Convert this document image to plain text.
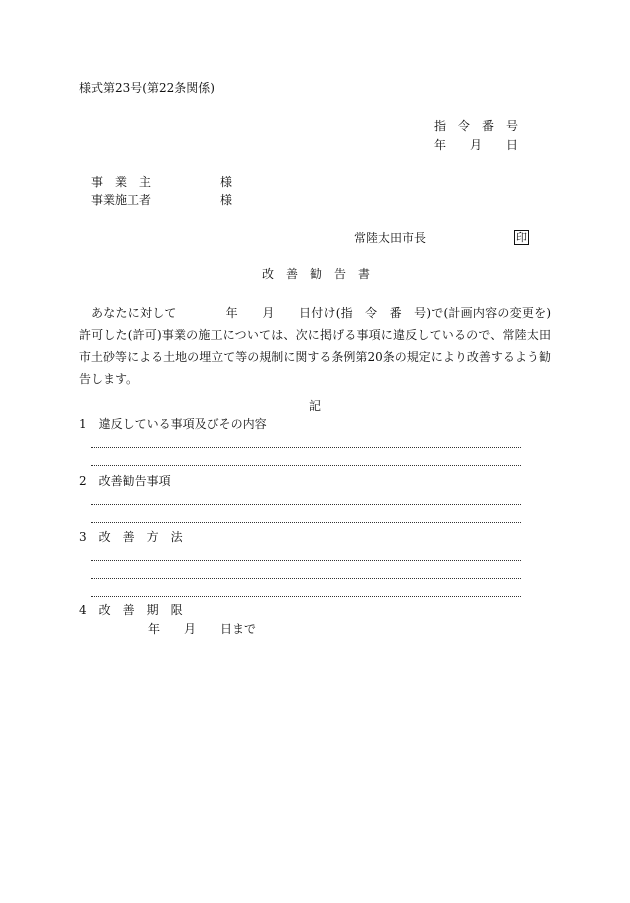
様式第23号(第22条関係)
指　令　番　号
年　　月　　日
事　業　主	様
事業施工者	様
常陸太田市長	印
改　善　勧　告　書
あなたに対して　　　　年　　月　　日付け(指　令　番　号)で(計画内容の変更を)許可した(許可)事業の施工については、次に掲げる事項に違反しているので、常陸太田市土砂等による土地の埋立て等の規制に関する条例第20条の規定により改善するよう勧告します。
記
1　違反している事項及びその内容
2　改善勧告事項
3　改　善　方　法
4　改　善　期　限
年　　月　　日まで
